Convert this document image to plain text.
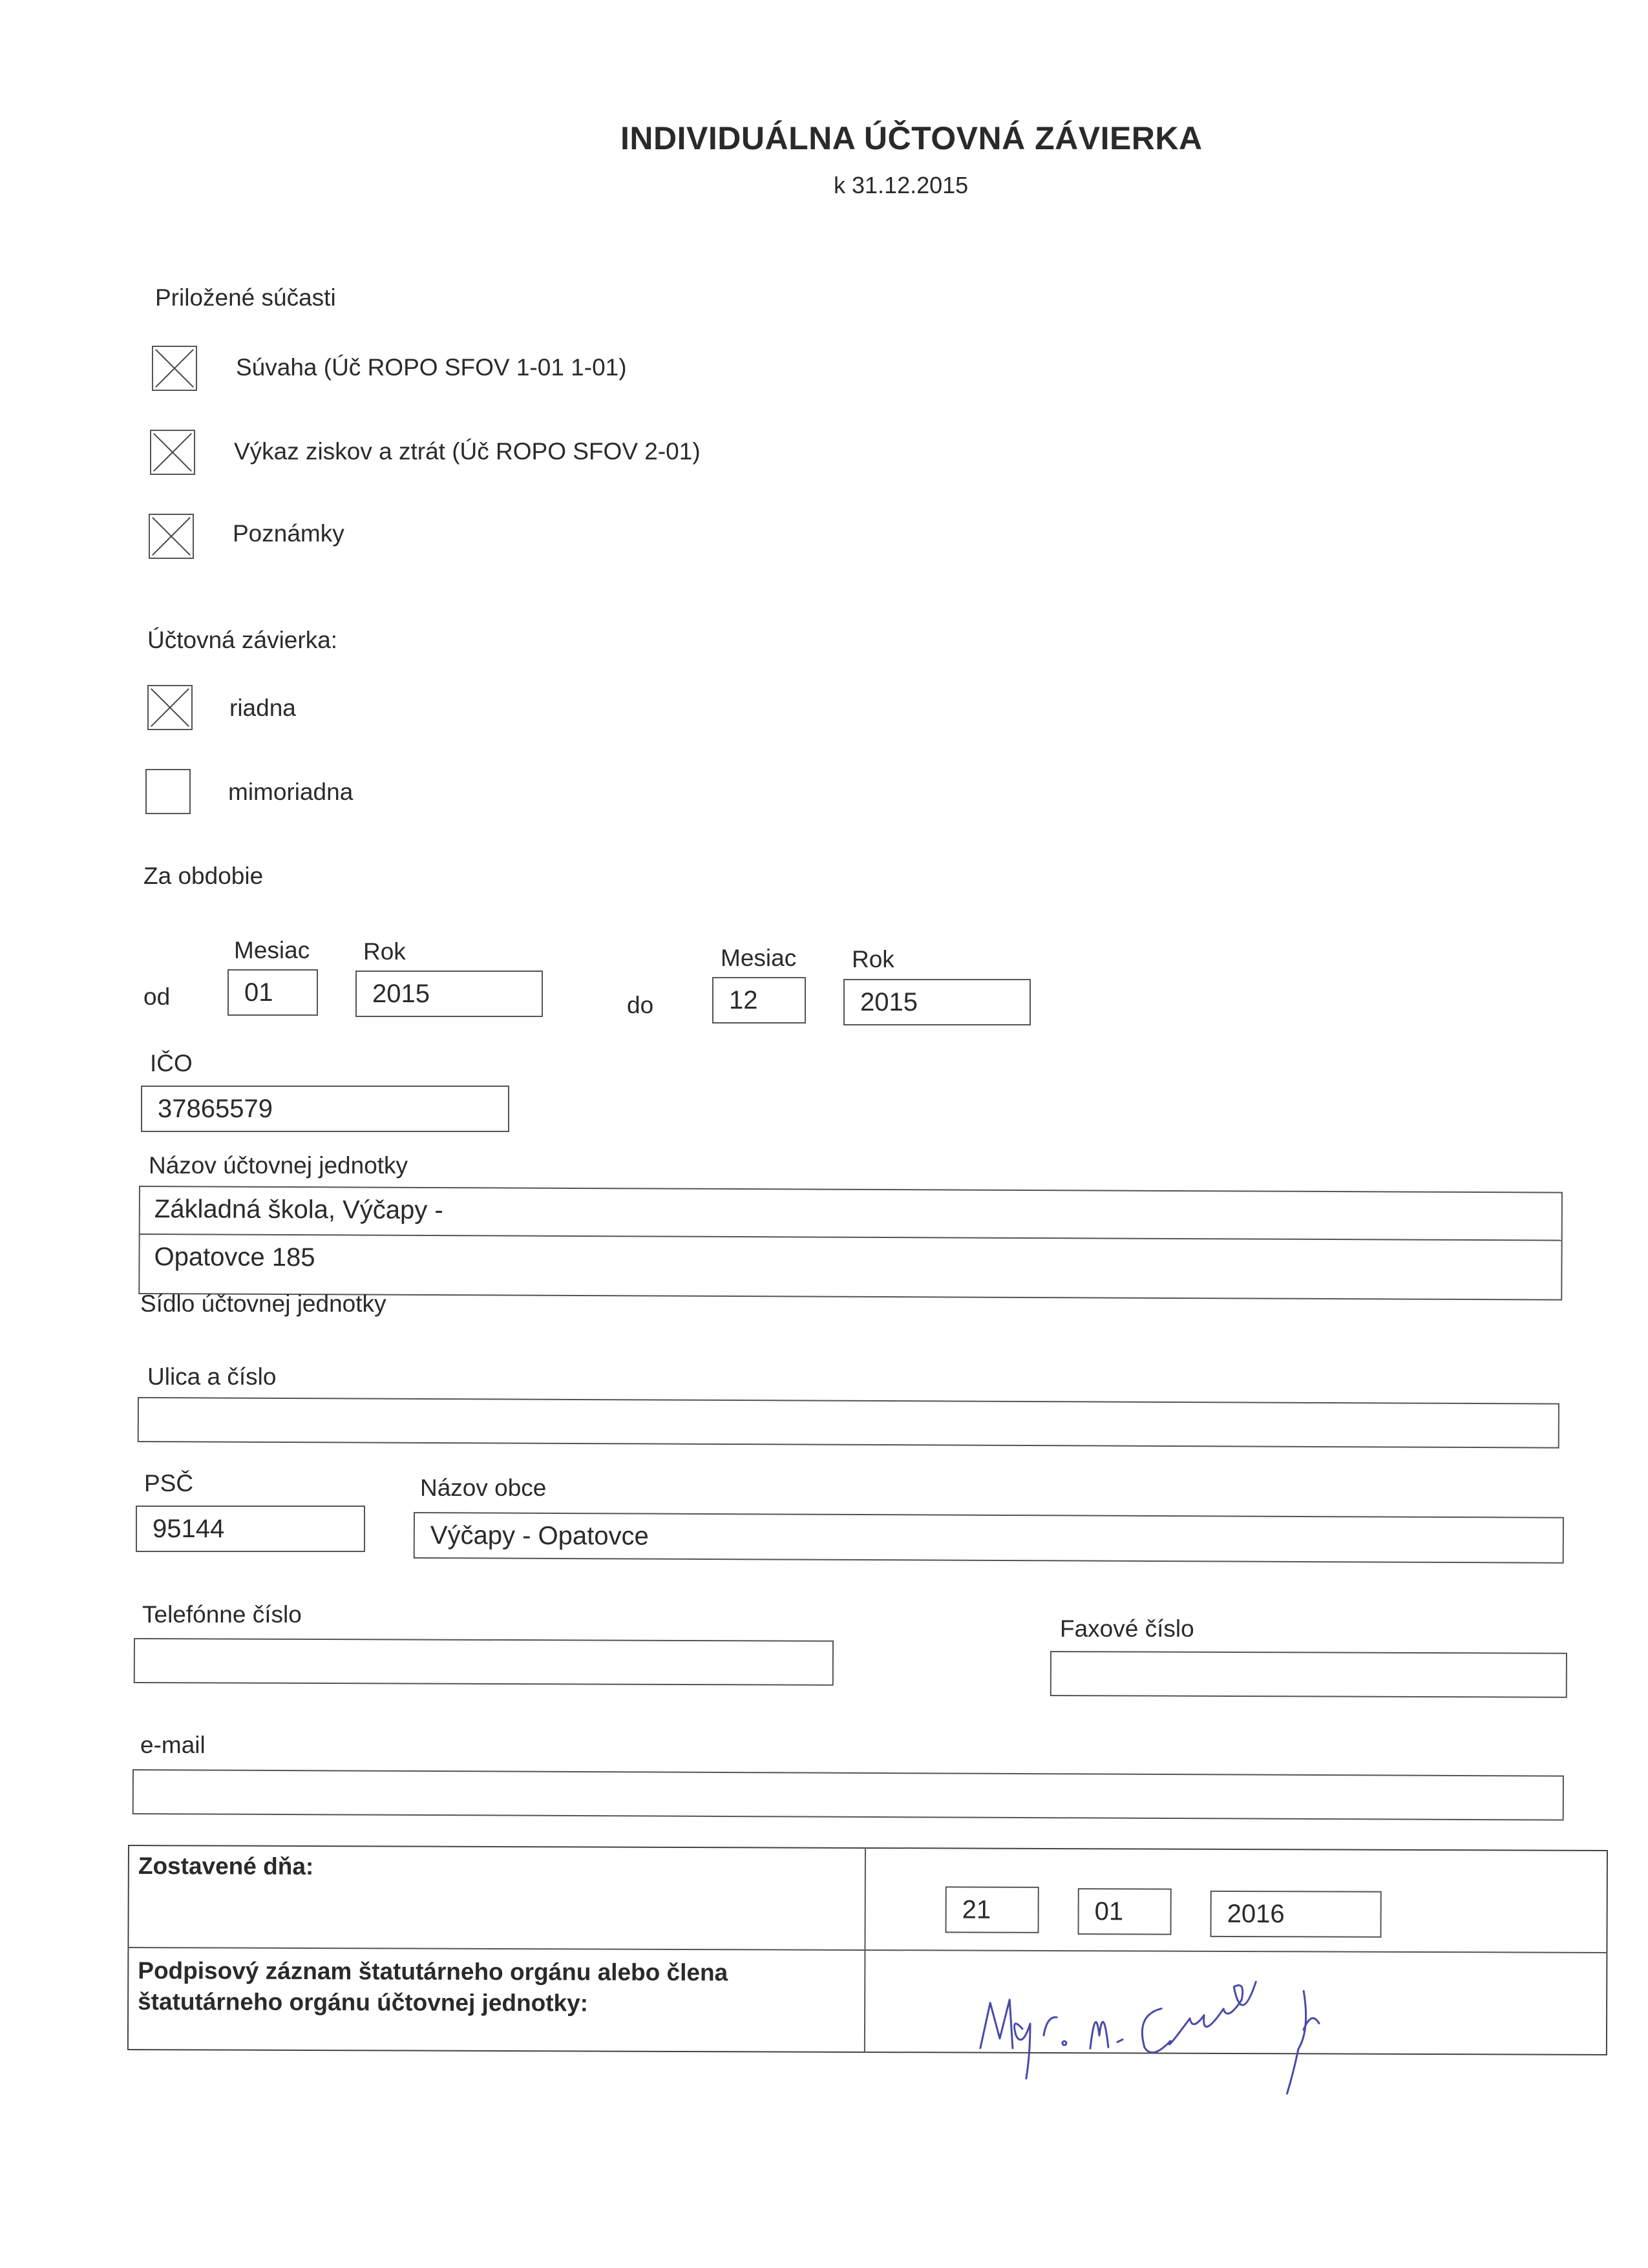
INDIVIDUÁLNA ÚČTOVNÁ ZÁVIERKA
k 31.12.2015
Priložené súčasti
Súvaha (Úč ROPO SFOV 1-01 1-01)
Výkaz ziskov a ztrát (Úč ROPO SFOV 2-01)
Poznámky
Účtovná závierka:
riadna
mimoriadna
Za obdobie
Mesiac Rok
od	01	2015
Mesiac Rok
do	12	2015
IČO
37865579
Názov účtovnej jednotky
Základná škola, Výčapy -
Opatovce 185
Sídlo účtovnej jednotky
Ulica a číslo
PSČ	Názov obce
95144	Výčapy - Opatovce
Telefónne číslo
Faxové číslo
e-mail
Zostavené dňa:
21	01	2016
Podpisový záznam štatutárneho orgánu alebo člena
štatutárneho orgánu účtovnej jednotky:
